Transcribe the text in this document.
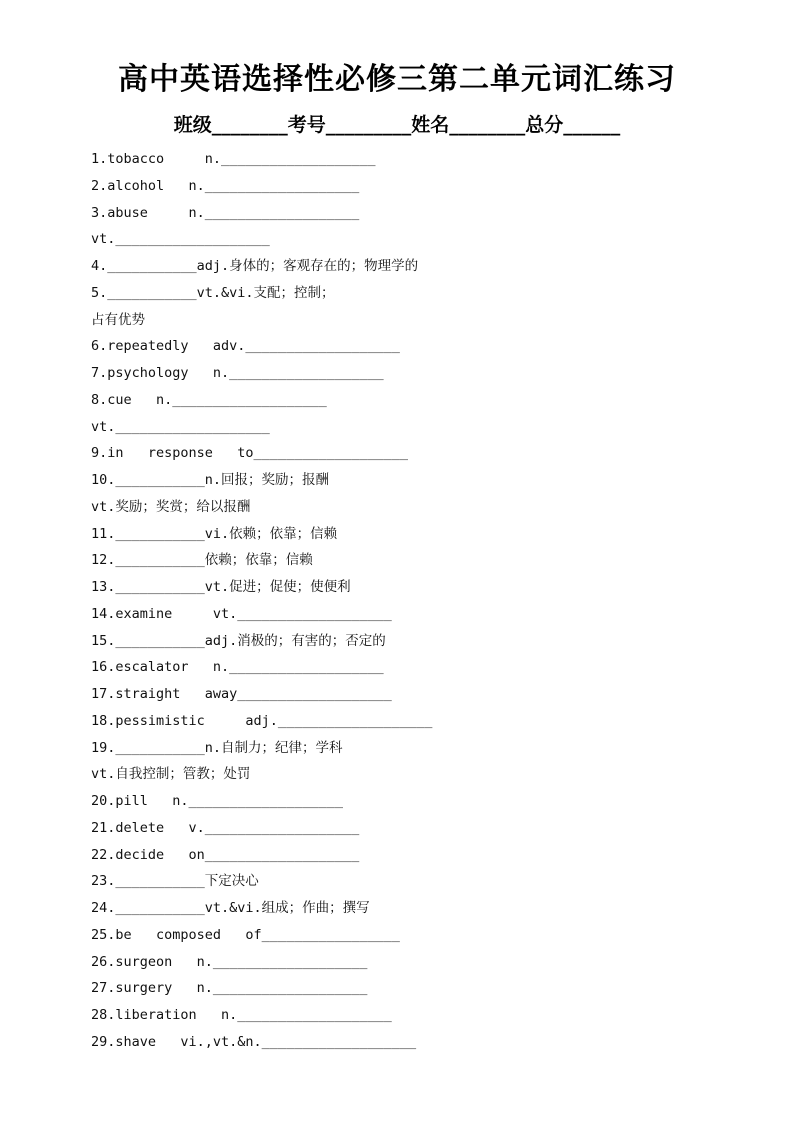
高中英语选择性必修三第二单元词汇练习
班级________考号_________姓名________总分______
1.tobacco     n.___________________
2.alcohol   n.___________________
3.abuse     n.___________________
vt.___________________
4.___________adj.身体的；客观存在的；物理学的
5.___________vt.&vi.支配；控制；
占有优势
6.repeatedly   adv.___________________
7.psychology   n.___________________
8.cue   n.___________________
vt.___________________
9.in   response   to___________________
10.___________n.回报；奖励；报酬
vt.奖励；奖赏；给以报酬
11.___________vi.依赖；依靠；信赖
12.___________依赖；依靠；信赖
13.___________vt.促进；促使；使便利
14.examine     vt.___________________
15.___________adj.消极的；有害的；否定的
16.escalator   n.___________________
17.straight   away___________________
18.pessimistic     adj.___________________
19.___________n.自制力；纪律；学科
vt.自我控制；管教；处罚
20.pill   n.___________________
21.delete   v.___________________
22.decide   on___________________
23.___________下定决心
24.___________vt.&vi.组成；作曲；撰写
25.be   composed   of_________________
26.surgeon   n.___________________
27.surgery   n.___________________
28.liberation   n.___________________
29.shave   vi.,vt.&n.___________________
